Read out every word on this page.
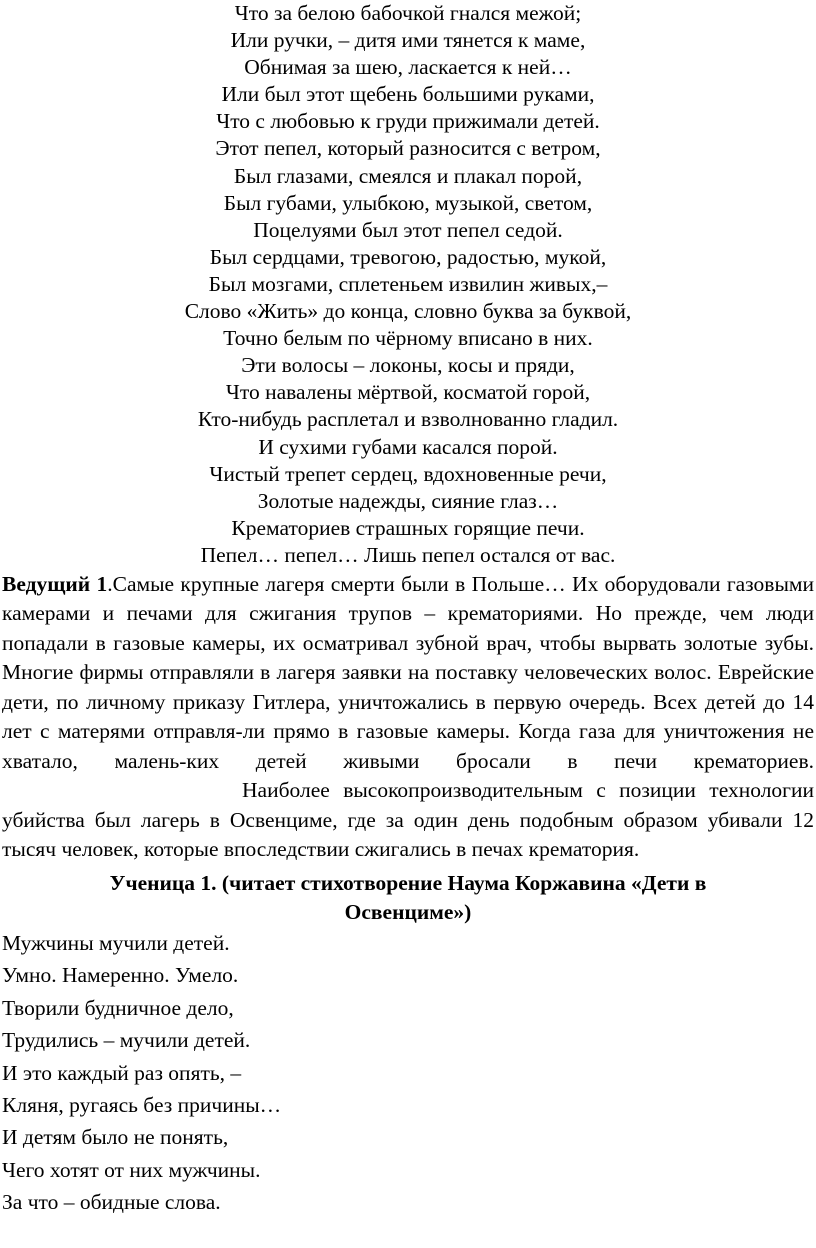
Что за белою бабочкой гнался межой;
Или ручки, – дитя ими тянется к маме,
Обнимая за шею, ласкается к ней…
Или был этот щебень большими руками,
Что с любовью к груди прижимали детей.
Этот пепел, который разносится с ветром,
Был глазами, смеялся и плакал порой,
Был губами, улыбкою, музыкой, светом,
Поцелуями был этот пепел седой.
Был сердцами, тревогою, радостью, мукой,
Был мозгами, сплетеньем извилин живых,–
Слово «Жить» до конца, словно буква за буквой,
Точно белым по чёрному вписано в них.
Эти волосы – локоны, косы и пряди,
Что навалены мёртвой, косматой горой,
Кто-нибудь расплетал и взволнованно гладил.
И сухими губами касался порой.
Чистый трепет сердец, вдохновенные речи,
Золотые надежды, сияние глаз…
Крематориев страшных горящие печи.
Пепел… пепел… Лишь пепел остался от вас.

Ведущий 1.Самые крупные лагеря смерти были в Польше… Их оборудовали газовыми камерами и печами для сжигания трупов – крематориями. Но прежде, чем люди попадали в газовые камеры, их осматривал зубной врач, чтобы вырвать золотые зубы. Многие фирмы отправляли в лагеря заявки на поставку человеческих волос. Еврейские дети, по личному приказу Гитлера, уничтожались в первую очередь. Всех детей до 14 лет с матерями отправля-ли прямо в газовые камеры. Когда газа для уничтожения не хватало, малень-ких детей живыми бросали в печи крематориев.Наиболее высокопроизводительным с позиции технологии убийства был лагерь в Освенциме, где за один день подобным образом убивали 12 тысяч человек, которые впоследствии сжигались в печах крематория.

Ученица 1. (читает стихотворение Наума Коржавина «Дети в Освенциме»)
Мужчины мучили детей.
Умно. Намеренно. Умело.
Творили будничное дело,
Трудились – мучили детей.
И это каждый раз опять, –
Кляня, ругаясь без причины…
И детям было не понять,
Чего хотят от них мужчины.
За что – обидные слова.
